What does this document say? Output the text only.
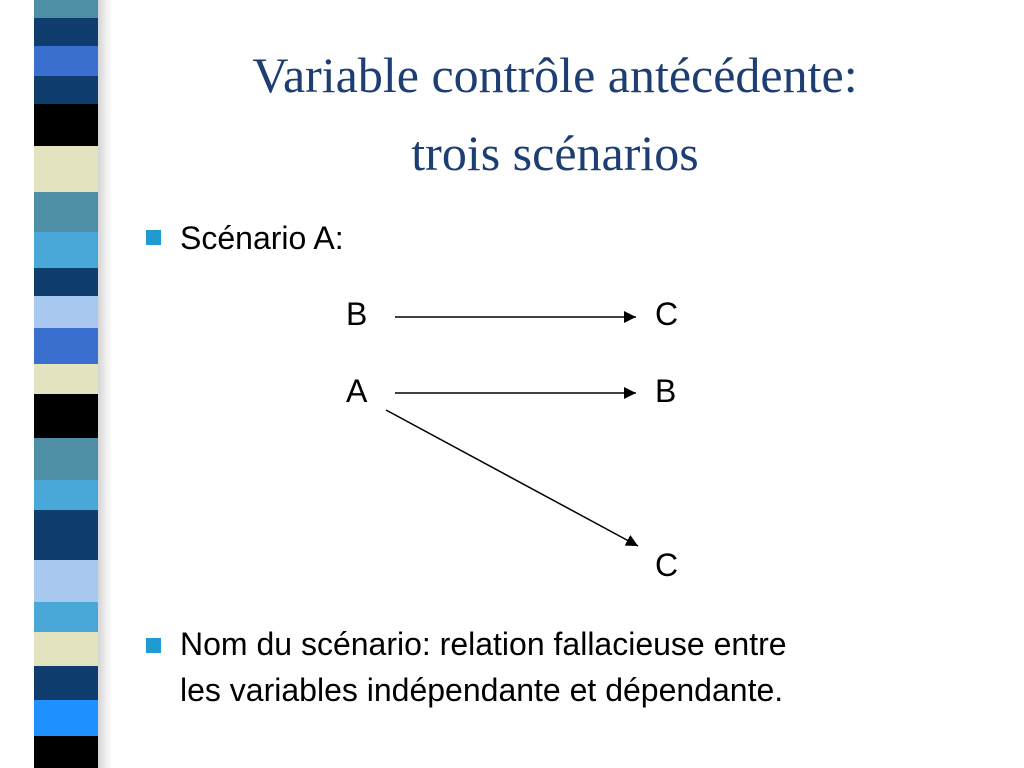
Variable contrôle antécédente:
trois scénarios
Scénario A:
B	C
A	B
C
Nom du scénario: relation fallacieuse entre
les variables indépendante et dépendante.
